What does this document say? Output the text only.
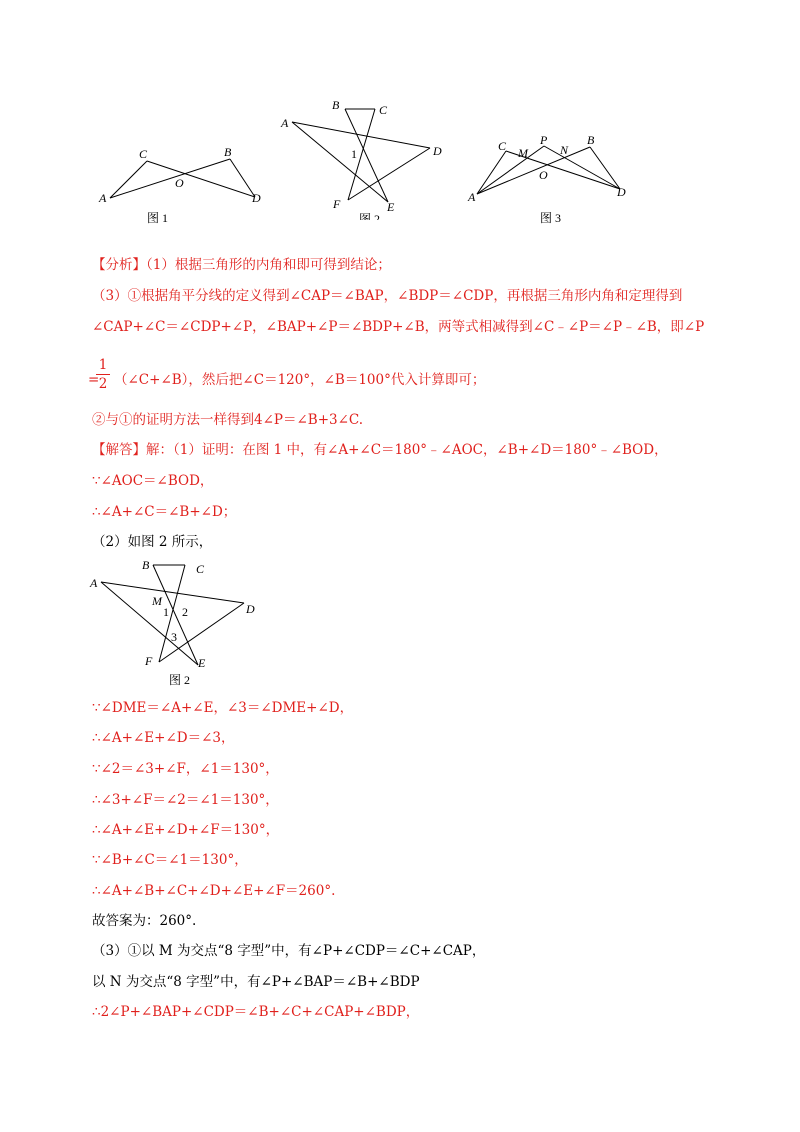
A
C
O
B
D
图 1
A
B	C
D
E
F
1
图 2
A
C M
P
N
B
O
D
图 3
【分析】（1）根据三角形的内角和即可得到结论；
（3）①根据角平分线的定义得到∠CAP＝∠BAP，∠BDP＝∠CDP，再根据三角形内角和定理得到
∠CAP+∠C＝∠CDP+∠P，∠BAP+∠P＝∠BDP+∠B，两等式相减得到∠C﹣∠P＝∠P﹣∠B，即∠P
1
2
= （∠C+∠B），然后把∠C＝120°，∠B＝100°代入计算即可；
②与①的证明方法一样得到4∠P＝∠B+3∠C.
【解答】解：（1）证明：在图 1 中，有∠A+∠C＝180°﹣∠AOC，∠B+∠D＝180°﹣∠BOD，
∵∠AOC＝∠BOD，
∴∠A+∠C＝∠B+∠D；
（2）如图 2 所示，
A
B	C
M
D
E
F
1 2
3
图 2
∵∠DME＝∠A+∠E，∠3＝∠DME+∠D，
∴∠A+∠E+∠D＝∠3，
∵∠2＝∠3+∠F，∠1＝130°，
∴∠3+∠F＝∠2＝∠1＝130°，
∴∠A+∠E+∠D+∠F＝130°，
∵∠B+∠C＝∠1＝130°，
∴∠A+∠B+∠C+∠D+∠E+∠F＝260°.
故答案为：260°.
（3）①以 M 为交点“8 字型”中，有∠P+∠CDP＝∠C+∠CAP，
以 N 为交点“8 字型”中，有∠P+∠BAP＝∠B+∠BDP
∴2∠P+∠BAP+∠CDP＝∠B+∠C+∠CAP+∠BDP，
